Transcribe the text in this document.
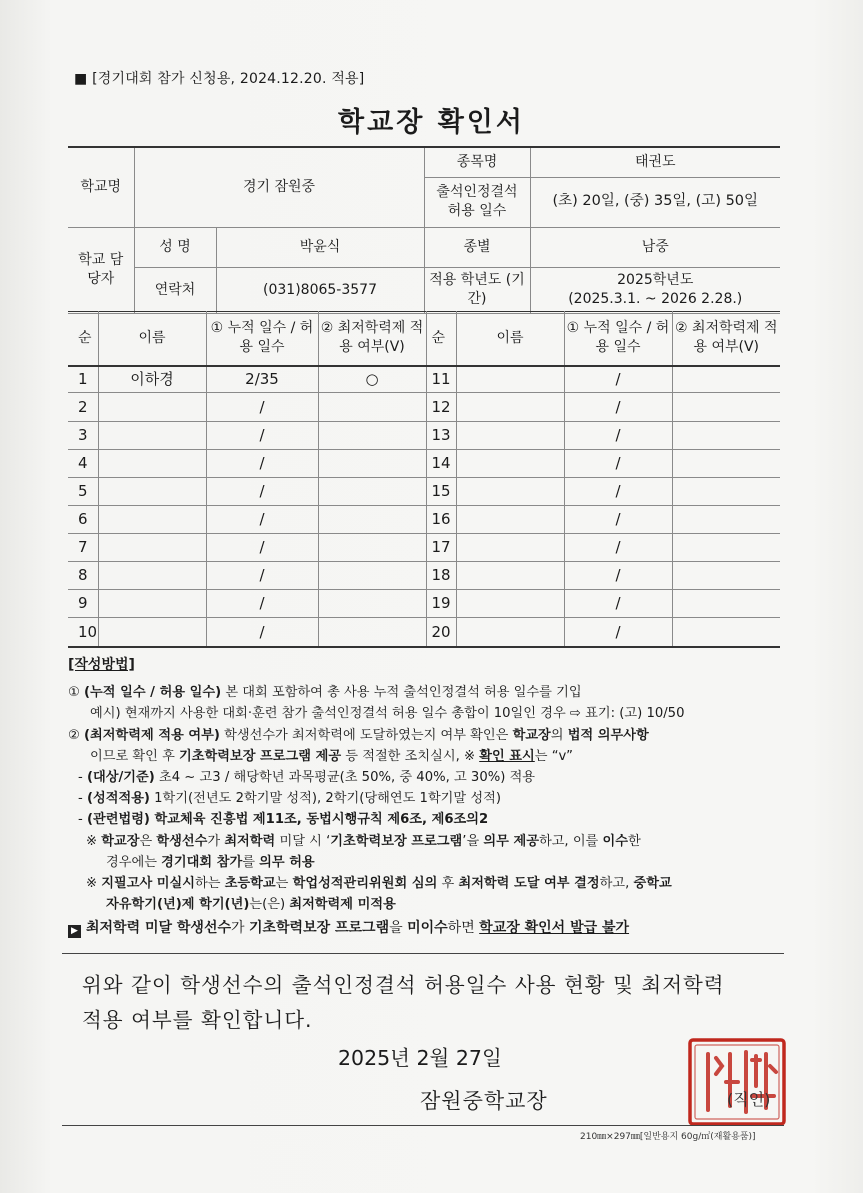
■ [경기대회 참가 신청용, 2024.12.20. 적용]
학교장 확인서
학교명	경기 잠원중		종목명	태권도
			출석인정결석 허용 일수	(초) 20일, (중) 35일, (고) 50일
학교 담당자	성 명	박윤식	종별	남중
	연락처	(031)8065-3577	적용 학년도 (기간)	2025학년도
(2025.3.1. ~ 2026 2.28.)
순	이름	① 누적 일수 / 허용 일수	② 최저학력제 적용 여부(V)	순	이름	① 누적 일수 / 허용 일수	② 최저학력제 적용 여부(V)
1	이하경	2/35	○	11		/	
2		/		12		/	
3		/		13		/	
4		/		14		/	
5		/		15		/	
6		/		16		/	
7		/		17		/	
8		/		18		/	
9		/		19		/	
10		/		20		/	
[작성방법]
① (누적 일수 / 허용 일수) 본 대회 포함하여 총 사용 누적 출석인정결석 허용 일수를 기입
예시) 현재까지 사용한 대회·훈련 참가 출석인정결석 허용 일수 총합이 10일인 경우 ⇨ 표기: (고) 10/50
② (최저학력제 적용 여부) 학생선수가 최저학력에 도달하였는지 여부 확인은 학교장의 법적 의무사항
이므로 확인 후 기초학력보장 프로그램 제공 등 적절한 조치실시, ※ 확인 표시는 “v”
- (대상/기준) 초4 ~ 고3 / 해당학년 과목평균(초 50%, 중 40%, 고 30%) 적용
- (성적적용) 1학기(전년도 2학기말 성적), 2학기(당해연도 1학기말 성적)
- (관련법령) 학교체육 진흥법 제11조, 동법시행규칙 제6조, 제6조의2
※ 학교장은 학생선수가 최저학력 미달 시 ‘기초학력보장 프로그램’을 의무 제공하고, 이를 이수한
경우에는 경기대회 참가를 의무 허용
※ 지필고사 미실시하는 초등학교는 학업성적관리위원회 심의 후 최저학력 도달 여부 결정하고, 중학교
자유학기(년)제 학기(년)는(은) 최저학력제 미적용
▶ 최저학력 미달 학생선수가 기초학력보장 프로그램을 미이수하면 학교장 확인서 발급 불가
위와 같이 학생선수의 출석인정결석 허용일수 사용 현황 및 최저학력
적용 여부를 확인합니다.
2025년 2월 27일
잠원중학교장	(직인)
210㎜×297㎜[일반용지 60g/㎡(재활용품)]
